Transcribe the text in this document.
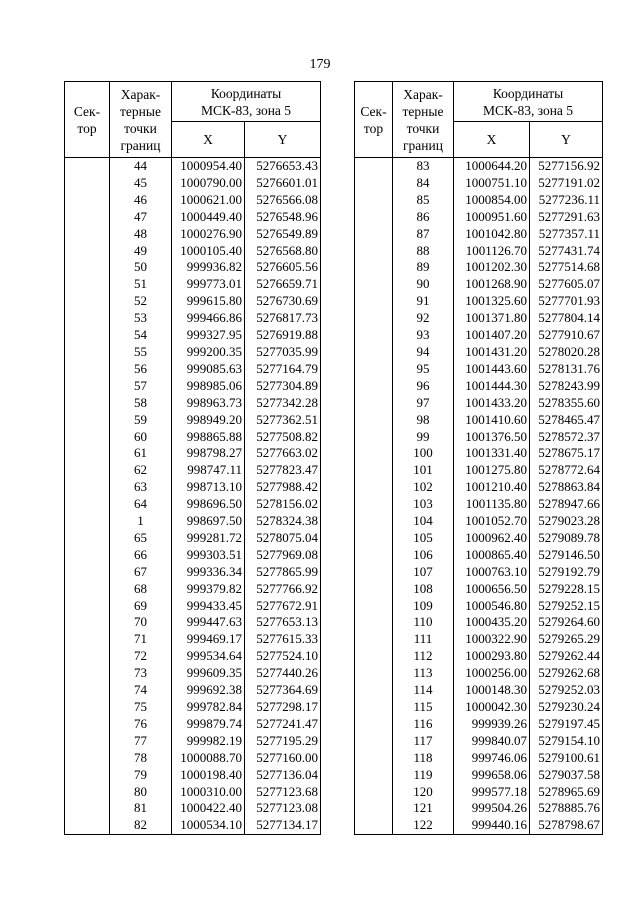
179
Сек-
тор	Харак-
терные
точки
границ	Координаты
МСК-83, зона 5	
		X	Y
	44	1000954.40	5276653.43
	45	1000790.00	5276601.01
	46	1000621.00	5276566.08
	47	1000449.40	5276548.96
	48	1000276.90	5276549.89
	49	1000105.40	5276568.80
	50	999936.82	5276605.56
	51	999773.01	5276659.71
	52	999615.80	5276730.69
	53	999466.86	5276817.73
	54	999327.95	5276919.88
	55	999200.35	5277035.99
	56	999085.63	5277164.79
	57	998985.06	5277304.89
	58	998963.73	5277342.28
	59	998949.20	5277362.51
	60	998865.88	5277508.82
	61	998798.27	5277663.02
	62	998747.11	5277823.47
	63	998713.10	5277988.42
	64	998696.50	5278156.02
	1	998697.50	5278324.38
	65	999281.72	5278075.04
	66	999303.51	5277969.08
	67	999336.34	5277865.99
	68	999379.82	5277766.92
	69	999433.45	5277672.91
	70	999447.63	5277653.13
	71	999469.17	5277615.33
	72	999534.64	5277524.10
	73	999609.35	5277440.26
	74	999692.38	5277364.69
	75	999782.84	5277298.17
	76	999879.74	5277241.47
	77	999982.19	5277195.29
	78	1000088.70	5277160.00
	79	1000198.40	5277136.04
	80	1000310.00	5277123.68
	81	1000422.40	5277123.08
	82	1000534.10	5277134.17
Сек-
тор	Харак-
терные
точки
границ	Координаты
МСК-83, зона 5	
		X	Y
	83	1000644.20	5277156.92
	84	1000751.10	5277191.02
	85	1000854.00	5277236.11
	86	1000951.60	5277291.63
	87	1001042.80	5277357.11
	88	1001126.70	5277431.74
	89	1001202.30	5277514.68
	90	1001268.90	5277605.07
	91	1001325.60	5277701.93
	92	1001371.80	5277804.14
	93	1001407.20	5277910.67
	94	1001431.20	5278020.28
	95	1001443.60	5278131.76
	96	1001444.30	5278243.99
	97	1001433.20	5278355.60
	98	1001410.60	5278465.47
	99	1001376.50	5278572.37
	100	1001331.40	5278675.17
	101	1001275.80	5278772.64
	102	1001210.40	5278863.84
	103	1001135.80	5278947.66
	104	1001052.70	5279023.28
	105	1000962.40	5279089.78
	106	1000865.40	5279146.50
	107	1000763.10	5279192.79
	108	1000656.50	5279228.15
	109	1000546.80	5279252.15
	110	1000435.20	5279264.60
	111	1000322.90	5279265.29
	112	1000293.80	5279262.44
	113	1000256.00	5279262.68
	114	1000148.30	5279252.03
	115	1000042.30	5279230.24
	116	999939.26	5279197.45
	117	999840.07	5279154.10
	118	999746.06	5279100.61
	119	999658.06	5279037.58
	120	999577.18	5278965.69
	121	999504.26	5278885.76
	122	999440.16	5278798.67
